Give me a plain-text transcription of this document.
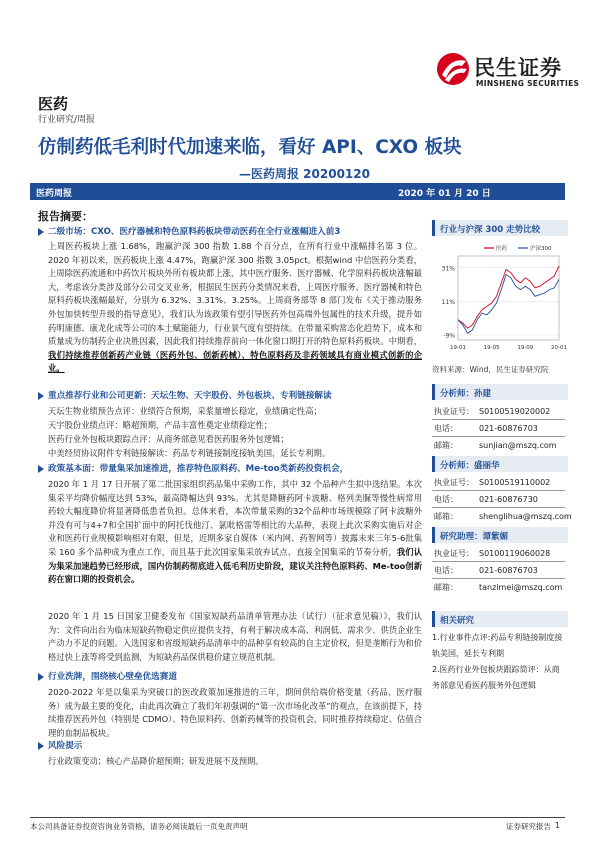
民生证券
MINSHENG SECURITIES
医药
行业研究/周报
仿制药低毛利时代加速来临，看好 API、CXO 板块
—医药周报 20200120
医药周报	2020 年 01 月 20 日
报告摘要：
二级市场：CXO、医疗器械和特色原料药板块带动医药在全行业涨幅进入前3
上周医药板块上涨 1.68%，跑赢沪深 300 指数 1.88 个百分点，在所有行业中涨幅排名第 3 位。2020 年初以来，医药板块上涨 4.47%，跑赢沪深 300 指数 3.05pct。根据wind 中信医药分类看，上周除医药流通和中药饮片板块外所有板块都上涨，其中医疗服务、医疗器械、化学原料药板块涨幅最大，考虑该分类涉及部分公司交叉业务，根据民生医药分类情况来看，上周医疗服务、医疗器械和特色原料药板块涨幅最好，分别为 6.32%、3.31%、3.25%。上周商务部等 8 部门发布《关于推动服务外包加快转型升级的指导意见》，我们认为该政策有望引导医药外包高端外包属性的技术升级，提升如药明康德、康龙化成等公司的本土赋能能力，行业景气度有望持续。在带量采购常态化趋势下，成本和质量成为仿制药企业决胜因素，因此我们持续推荐前向一体化窗口期打开的特色原料药板块。中期看，我们持续推荐创新药产业链（医药外包、创新药械）、特色原料药及非药领域具有商业模式创新的企业。
重点推荐行业和公司更新：天坛生物、天宇股份、外包板块、专利链接解读
天坛生物业绩预告点评：业绩符合预期，采浆量增长稳定，业绩确定性高；
天宇股份业绩点评：略超预期，产品丰富性奠定业绩稳定性；
医药行业外包板块跟踪点评：从商务部意见看医药服务外包逻辑；
中美经贸协议附件专利链接解读：药品专利链接制度接轨美国，延长专利期。
政策基本面：带量集采加速推进，推荐特色原料药、Me-too类新药投资机会，
2020 年 1 月 17 日开展了第二批国家组织药品集中采购工作，其中 32 个品种产生拟中选结果。本次集采平均降价幅度达到 53%，最高降幅达到 93%。尤其是降糖药阿卡波糖、格列美脲等慢性病常用药较大幅度降价将显著降低患者负担。总体来看，本次带量采购的32个品种市场规模除了阿卡波糖外并没有可与4+7和全国扩面中的阿托伐他汀、氯吡格雷等相比的大品种，表现上此次采购实施后对企业和医药行业规模影响相对有限，但是，近期多家自媒体（米内网、药智网等）披露未来三年5-6批集采 160 多个品种成为重点工作，而且基于此次国家集采放弃试点、直接全国集采的节奏分析，我们认为集采加速趋势已经形成，国内仿制药彻底进入低毛利历史阶段，建议关注特色原料药、Me-too创新药在窗口期的投资机会。
2020 年 1 月 15 日国家卫健委发布《国家短缺药品清单管理办法（试行）（征求意见稿）》，我们认为：文件向出台为临床短缺药物稳定供应提供支持，有利于解决成本高、利润低、需求少、供货企业生产动力不足的问题。入选国家和省级短缺药品清单中的品种享有较高的自主定价权，但是垄断行为和价格过快上涨等将受到监测，为短缺药品保供稳价建立规范机制。
行业洗牌，围绕核心壁垒优选赛道
2020-2022 年是以集采为突破口的医改政策加速推进的三年，期间供给端价格变量（药品、医疗服务）成为最主要的变化，由此再次确立了我们年初强调的“第一次市场化改革”的观点，在该前提下，持续推荐医药外包（特别是 CDMO）、特色原料药、创新药械等的投资机会，同时推荐持续稳定、估值合理的血制品板块。
风险提示
行业政策变动；核心产品降价超预期；研发进展不及预期。
行业与沪深 300 走势比较
-9%
11%
31%
19-01	19-05	19-09	20-01
医药	沪深300
资料来源：Wind，民生证券研究院
分析师：孙建
执业证号： S0100519020002
电话：	021-60876703
邮箱：	sunjian@mszq.com
分析师：盛丽华
执业证号： S0100519110002
电话：	021-60876730
邮箱：	shenglihua@mszq.com
研究助理：谭紫媚
执业证号： S0100119060028
电话：	021-60876703
邮箱：	tanzimei@mszq.com
相关研究
1.行业事件点评:药品专利链接制度接轨美国，延长专利期
2.医药行业外包板块跟踪简评：从商务部意见看医药服务外包逻辑
本公司具备证券投资咨询业务资格，请务必阅读最后一页免责声明	证券研究报告 1
